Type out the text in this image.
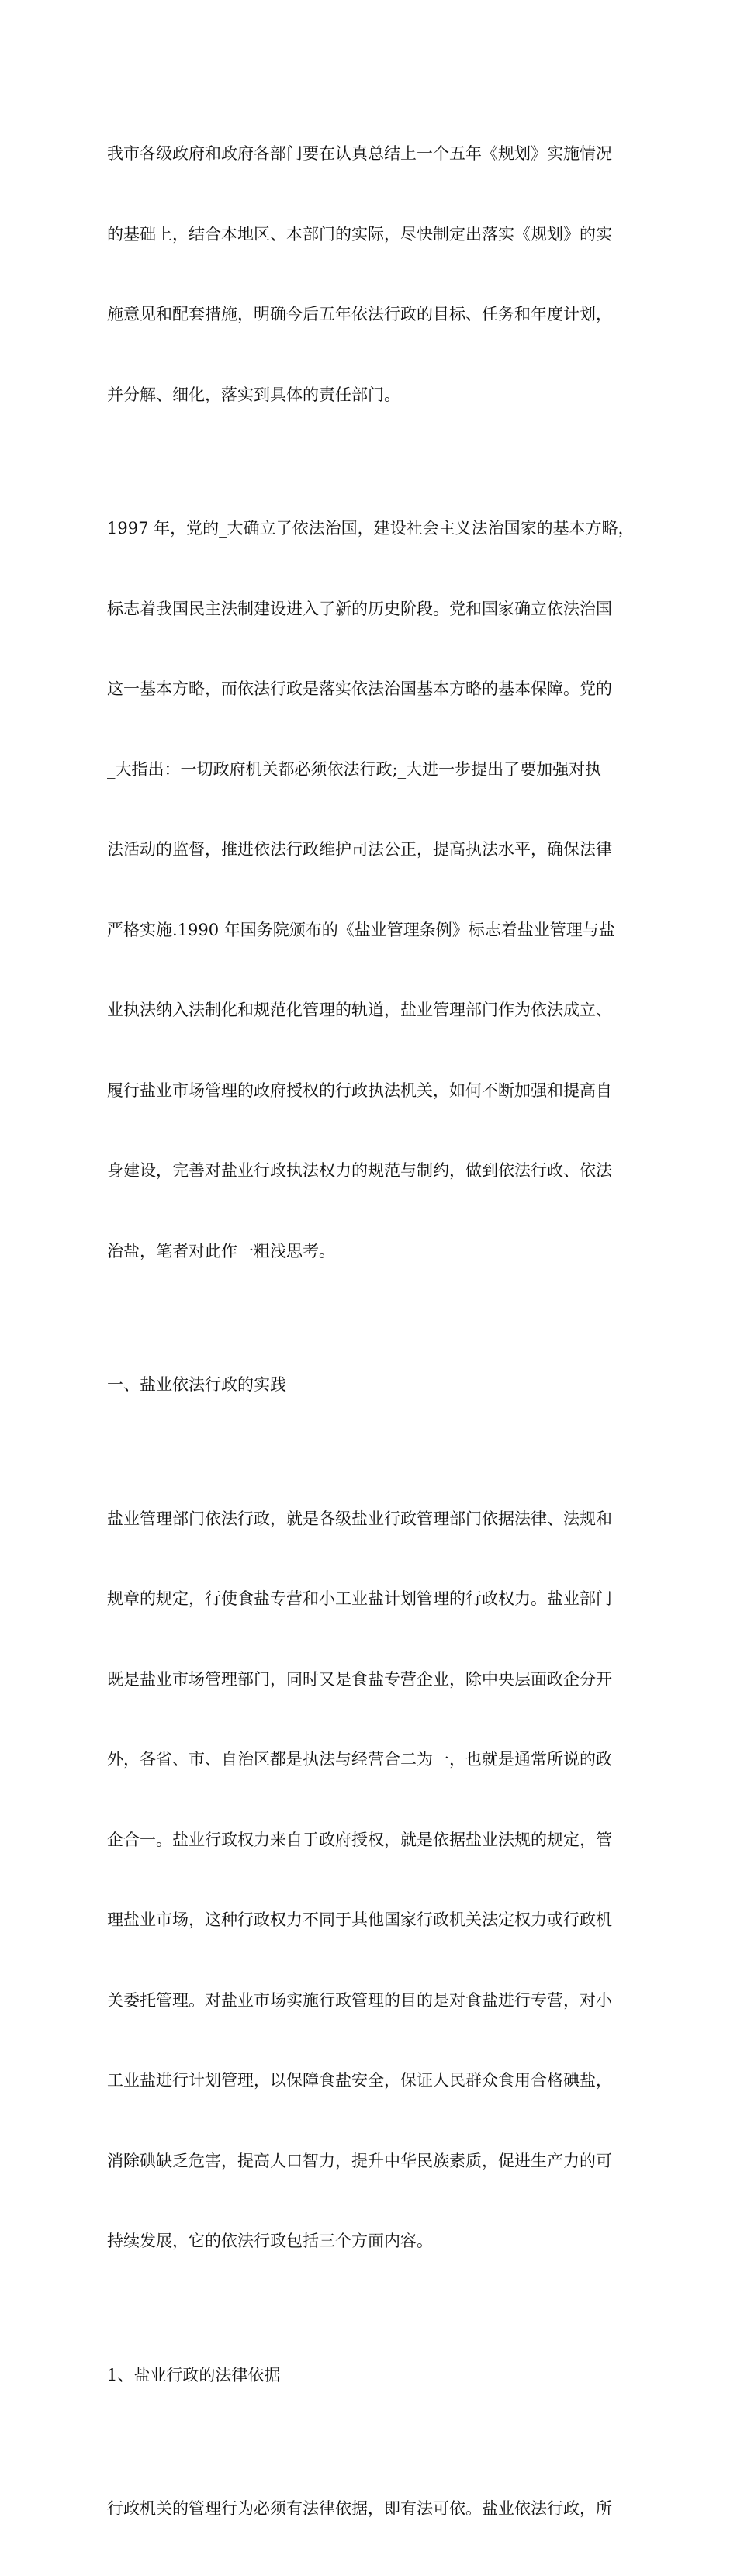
我市各级政府和政府各部门要在认真总结上一个五年《规划》实施情况

的基础上，结合本地区、本部门的实际，尽快制定出落实《规划》的实

施意见和配套措施，明确今后五年依法行政的目标、任务和年度计划，

并分解、细化，落实到具体的责任部门。

1997 年，党的_大确立了依法治国，建设社会主义法治国家的基本方略，

标志着我国民主法制建设进入了新的历史阶段。党和国家确立依法治国

这一基本方略，而依法行政是落实依法治国基本方略的基本保障。党的

_大指出：一切政府机关都必须依法行政;_大进一步提出了要加强对执

法活动的监督，推进依法行政维护司法公正，提高执法水平，确保法律

严格实施.1990 年国务院颁布的《盐业管理条例》标志着盐业管理与盐

业执法纳入法制化和规范化管理的轨道，盐业管理部门作为依法成立、

履行盐业市场管理的政府授权的行政执法机关，如何不断加强和提高自

身建设，完善对盐业行政执法权力的规范与制约，做到依法行政、依法

治盐，笔者对此作一粗浅思考。

一、盐业依法行政的实践

盐业管理部门依法行政，就是各级盐业行政管理部门依据法律、法规和

规章的规定，行使食盐专营和小工业盐计划管理的行政权力。盐业部门

既是盐业市场管理部门，同时又是食盐专营企业，除中央层面政企分开

外，各省、市、自治区都是执法与经营合二为一，也就是通常所说的政

企合一。盐业行政权力来自于政府授权，就是依据盐业法规的规定，管

理盐业市场，这种行政权力不同于其他国家行政机关法定权力或行政机

关委托管理。对盐业市场实施行政管理的目的是对食盐进行专营，对小

工业盐进行计划管理，以保障食盐安全，保证人民群众食用合格碘盐，

消除碘缺乏危害，提高人口智力，提升中华民族素质，促进生产力的可

持续发展，它的依法行政包括三个方面内容。

1、盐业行政的法律依据

行政机关的管理行为必须有法律依据，即有法可依。盐业依法行政，所
